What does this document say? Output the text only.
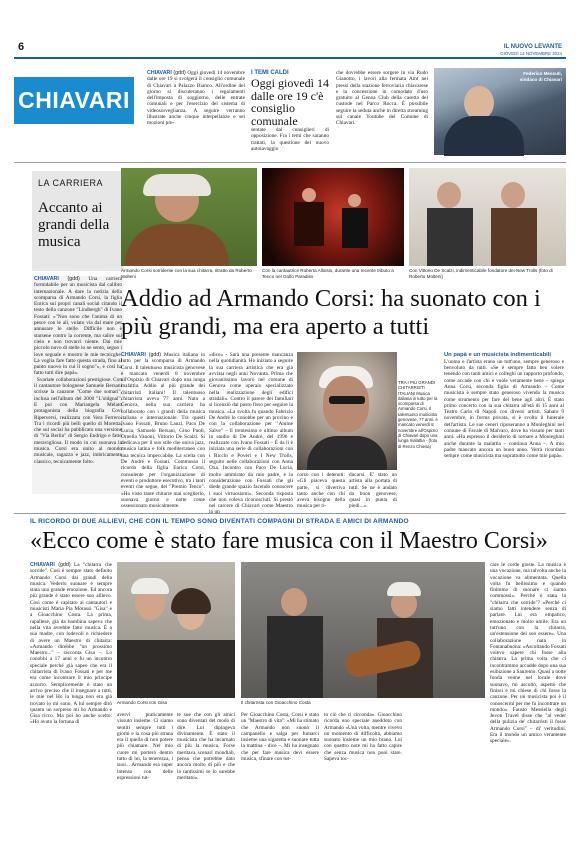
6	IL NUOVO LEVANTE
GIOVEDÌ 14 NOVEMBRE 2024
CHIAVARI
CHIAVARI (gdd) Oggi giovedì 14 novembre dalle ore 19 si svolgerà il consiglio comunale di Chiavari a Palazzo Bianco. All'ordine del giorno si discuteranno i regolamenti dell'imposta di soggiorno, delle entrate comunali e per l'esercizio del sistema di videosorveglianza. A seguire verranno illustrate anche cinque interpellanze e sei mozioni pre-
I TEMI CALDI
Oggi giovedì 14 dalle ore 19 c'è consiglio comunale
sentate dai consiglieri di opposizione. Fra i temi che saranno trattati, la questione del nuovo autolavaggio
che dovrebbe essere sorgere in via Rudo Gianotto, i lavori alla fermata Amt nei pressi della stazione ferroviaria chiavarese e la concessione in comodato d'uso gratuito al Genoa Club della casetta del custode nel Parco Rocca. È possibile seguire la seduta anche in diretta streaming sul canale Youtube del Comune di Chiavari.
Federico Messuti, sindaco di Chiavari
LA CARRIERA
Accanto ai grandi della musica
CHIAVARI (gdd) Una carriera formidabile per un musicista dal calibro internazionale. A dare la notizia della scomparsa di Armando Corsi, la figlia Enrica sui propri canali social citando il testo della canzone "Lindbergh" di Ivano Fossati: «"Non sono che l'anima di un pesce con le ali, volato via dal mare per annusare le stelle. Difficile non è starsene contro la corrente, ma salire sul cielo e non trovarci niente. Dai mie piccolo nuvo di stelle io ne sento, seguo i love seguale e mostro le mie tecnicghe. La voglia fare fatto questa strada, fino al punto nuovo in cui il sogno"», e così ha fatto tutti dire papà».
Svariate collaborazioni prestigiose. Con il cantautore bolognese Samuele Bersani scrisse la canzone "Come due somari", inclusa nell'album del 2000 "L'oldgnal". E poi con Mariangela Melato protagonista della biografia Covi Riperversi, realizzata con Vera Ferrero. Tra i ricordi più belli quello di Moretta, che sul social ha pubblicato una versione di "Via Berlin" di Sergio Endrigo e fatto meravigliosa. Il modo in cui suonava la musica. Corsi era unito al mondo musicale, ragazzo e jazz, imbricamente classico, tecnicamente folto.
Armando Corsi sorridente con la sua chitarra, ritratto da Roberto Molteni
Con la cantautrice Roberta Alloisio, durante una recente tributo a Tenco nel Golfo Paradiso
Con Vittorio De Scalzi, indimenticabile fondatore dei New Trolls (foto di Roberto Molteni)
Addio ad Armando Corsi: ha suonato con i più grandi, ma era aperto a tutti
CHIAVARI (gdd) Musica italiana in lutto per la scomparsa di Armando Corsi. Il talentuoso musicista genovese è mancato venerdì 8 novembre all'Ospizio di Chiavari dopo una lunga malattia. Addio al più grande dei chitarristi italiani! Il talentuoso chitarrista aveva 77 anni. Nato a Genova, nella sua carriera ha collaborato con i grandi della musica italiana e internazionale. Tra questi Ivano Fossati, Bruno Lauzi, Paco De Lucia, Samuele Bersani, Gino Paoli, Ornella Vanoni, Vittorio De Scalzi. Si dedicava per il suo stile che univa jazz, musica latina e folk mediterraneo con una tecnica impeccabile. La scelta con De André e Fossati. Commosso il ricordo della figlia Enrica Corsi, consulente per l'organizzazione di eventi e produttore esecutivo, tra i tanti eventi che segue, del "Premio Tenco". «Ho visto tante chitarre mai sceglierlo, suonava giorno e notte come ossessionato musicalmente.
«dice» - Sarà una presente mancanza nella quotidianità. Ho iniziato a seguire la sua carriera artistica che era già avviata negli anni Novanta. Prima che giovanissimo lavorò nel comune di Genova come operaio specializzato nella realizzazione degli edifici stradali». Contro il parere dei familiari si licenziò dal posto fisso per seguire la musica. «La svolta fu quando Fabrizio De André lo conobbe per un provino e con la collaborazione per "Anime Salve" – il trentesimo e ultimo album in studio di De André, del 1996 e realizzato con Ivano Fossati – È da lì è iniziata una serie di collaborazioni con i Ricchi e Poveri e I New Trolls, seguito nelle collaborazioni con Anna Oxa. Incontro con Paco De Lucia, molto ammirato da mio padre, e la considerazione con Fossati che gli diede grande spazio facendo conoscere i suoi virtuosismi». Seconda risposta che non voleva riconosciuti. Si prestò nel carcere di Chiavari come Maestro
TRA I PIÙ GRANDI CHITARRISTI ITALIANI Musica italiana in lutto per la scomparsa di Armando Corsi. Il talentuoso musicista genovese, 77 anni, è mancato venerdì 8 novembre all'Ospizio di Chiavari dopo una lunga malattia - (foto di Renzo Chiesa)
corso con i detenuti: «Gli piaceva questa parte, si divertiva tanto anche con chi aveva bisogno della musica per ri-
ducarsi. E' stato un artista alla portata di tutti. Se ne è andato da buon genovese, quasi in punta di piedi...».
Un papà e un musicista indimenticabili
L'uomo e l'artista erano un tutt'uno, sempre generoso e benvoluto da tutti. «Se è sempre fatto ben volere tenendo con tanti amici e colleghi un rapporto profondo, come accade con chi è vuole veramente bene – spiega Anna Corsi, seconda figlia di Armando – Come musicista è sempre stato generoso vivendo la musica come strumento per fare del bene agli altri. È stato primo concerto con la sua chitarra all'età di 15 anni al Teatro Carlo di Napoli con diversi artisti. Sabato 9 novembre, in forma privata, si è svolto il funerale dell'artista. Le sue ceneri riposeranno a Monleghini nel comune di Favale di Malvaro, dove ha vissuto per tanti anni. «Ha espresso il desiderio di tornare a Monleghini anche durante la malattia – continua Anna –. A mio padre mancato ancora un buon anno. Verrà ricordato sempre come musicista ma soprattutto come mio papà».
IL RICORDO DI DUE ALLIEVI, CHE CON IL TEMPO SONO DIVENTATI COMPAGNI DI STRADA E AMICI DI ARMANDO
«Ecco come è stato fare musica con il Maestro Corsi»
CHIAVARI (gdd) La "chitarra che sorride". Così è sempre stato definito Armando Corsi dai grandi della musica. Vederlo suonare è sempre stata una grande emozione. Ed ancora più grande è stato essere suo allievo. Così come è capitato ai cantautori e musicisti Maria Pia Morassi "Gisa" e a Gioacchino Costa. La prima, rapallese, già da bambina sapeva che nella vita avrebbe fatto musica. È a sua madre, con lodevoli e richiedere di avere un Maestro di chitarra: «Armando direbbe "un prossimo Maestro..." – racconta Gisa –. Lo conobbi a 17 anni e fu un incontro speciale perché già sapeo che era il chitarrista di Ivano Fossati e per me era come incontrare il mio principe azzurro. Semplicemente è stato un arrivo preciso che il insegnare a tutti, le mie nel Ho la lunga non era già trovato io mi sono, A lui sempre dirò quanto un sorpreso mi ho Armando e Gisa ricco. Ma poi ho anche scelto: «Ho avuto la fortuna di
Armando Corsi con Gisa
avervi praticamente vissuto insieme. Ci siamo sentiti sempre tutti i giorni e la cosa più strana era il quella di non potere più chiamare. Nel mio cuore mi porterò dentro tutto di lui, la tenerezza, i suoi... Armando era super intenso con delle espressioni tut-
te sue che con gli amici sono diventati del modo di dire. Lui dipingeva divinamente. È stato il musicista che ha incarnato di più la musica. Forse meritava scenari mondiali, penso che potrebbe dato ancora molto di più e che in tantissimi se lo sarebbe meritato».
Il chitarrista con Gioacchino Costa
Per Gioacchino Costa, Corsi è stato un "Maestro di vita": «Mi ha stimato che Armando non suonò il campanello e salga per fumarci insieme una sigaretta e suonare tutta la mattina - dice –. Mi ha insegnato che per fare musica devi essere musica, sfinare con tut-
to ciò che ci circonda». Gioacchino ricorda uno speciale aneddoto con Armando «Una volta, mentre vivevo un momento di difficoltà, abbiamo suonato insieme un mio brano. Lui con quattro note mi ha fatto capire che senza musica non puoi stare. Sapeva toc-
care le corde giuste. La musica è una vocazione, ma talvolta anche la vocazione va alimentata. Quella volta fu bellissimo e quando finimmo di suonare ci siamo commossi». Perché è stata la "chitarra che sorride"? «Perché ci siamo fatti intendere senza di parlare. Lui era empatico, emozionato e molto umile. Era un tutt'uno con la chitarra, un'estensione del suo essere». Una collaborazione nata in Fontanabuona: «Ascoltando Fossati volevo sapere chi fosse alla chitarra. La prima volta che ci incontrammo accadde dopo una sua esibizione a Sanremo. Quasi a notte fonda venne nel locale dove suonavo, mi ascoltò, aspettò che finissi e mi chiese di chi fosse la canzone. Per un musicista poi è il conoscermi per me fu incontrare un mondo». Fausto Messiella degli Jevon Travel disse che "al veder della pulizia de' chitarristi il fosse Armando Corsi" – di' veritudini. Era il mondo un amico veramente speciale».
